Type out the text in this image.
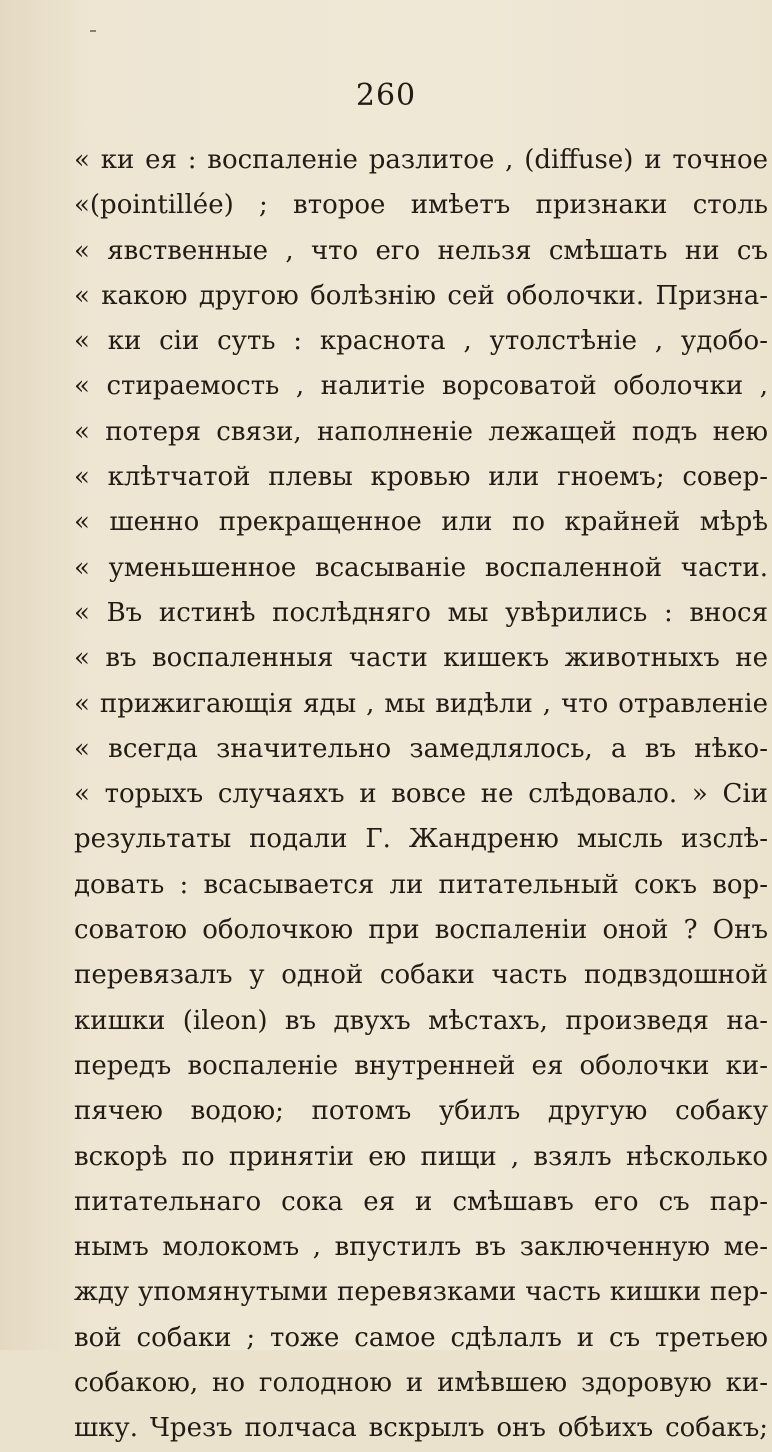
260
« ки ея : воспаленіе разлитое , (diffuse) и точное
«(pointillée) ; второе имѣетъ признаки столь
« явственные , что его нельзя смѣшать ни съ
« какою другою болѣзнію сей оболочки. Призна-
« ки сіи суть : краснота , утолстѣніе , удобо-
« стираемость , налитіе ворсоватой оболочки ,
« потеря связи, наполненіе лежащей подъ нею
« клѣтчатой плевы кровью или гноемъ; совер-
« шенно прекращенное или по крайней мѣрѣ
« уменьшенное всасываніе воспаленной части.
« Въ истинѣ послѣдняго мы увѣрились : внося
« въ воспаленныя части кишекъ животныхъ не
« прижигающія яды , мы видѣли , что отравленіе
« всегда значительно замедлялось, а въ нѣко-
« торыхъ случаяхъ и вовсе не слѣдовало. » Сіи
результаты подали Г. Жандреню мысль изслѣ-
довать : всасывается ли питательный сокъ вор-
соватою оболочкою при воспаленіи оной ? Онъ
перевязалъ у одной собаки часть подвздошной
кишки (ileon) въ двухъ мѣстахъ, произведя на-
передъ воспаленіе внутренней ея оболочки ки-
пячею водою; потомъ убилъ другую собаку
вскорѣ по принятіи ею пищи , взялъ нѣсколько
питательнаго сока ея и смѣшавъ его съ пар-
нымъ молокомъ , впустилъ въ заключенную ме-
жду упомянутыми перевязками часть кишки пер-
вой собаки ; тоже самое сдѣлалъ и съ третьею
собакою, но голодною и имѣвшею здоровую ки-
шку. Чрезъ полчаса вскрылъ онъ обѣихъ собакъ;
